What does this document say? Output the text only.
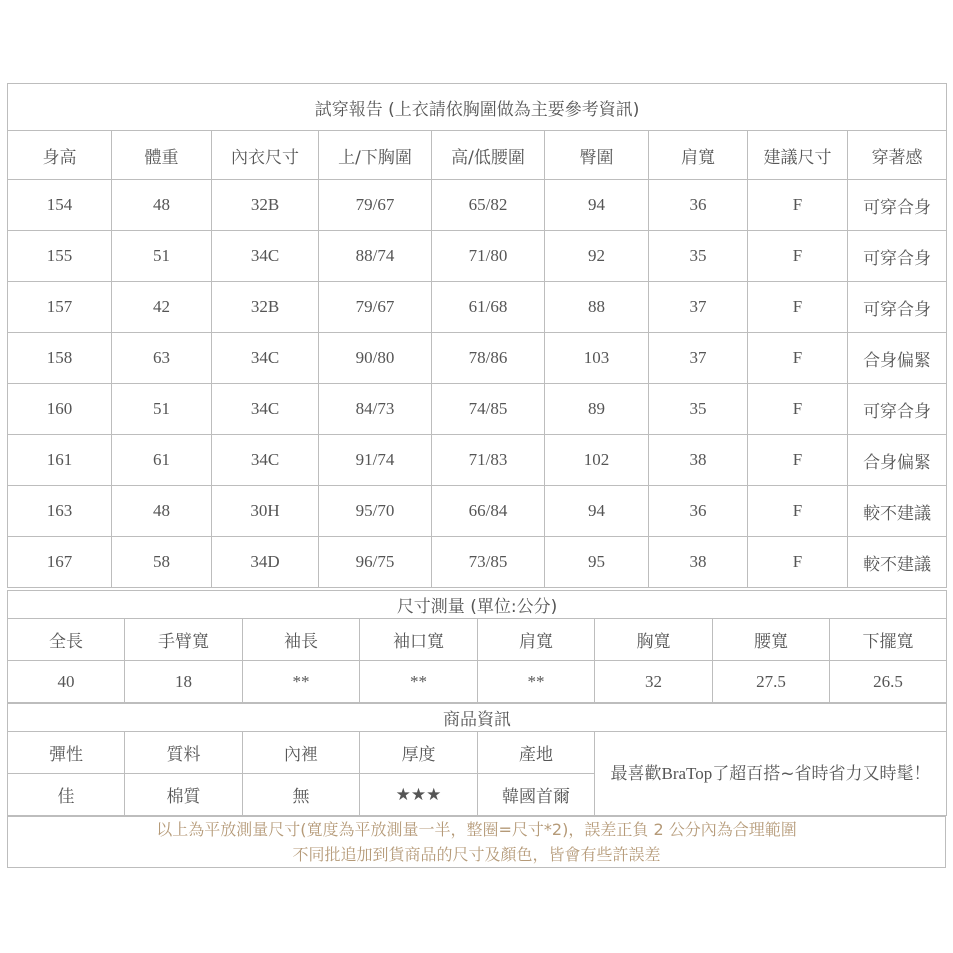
試穿報告 (上衣請依胸圍做為主要參考資訊)								
身高	體重	內衣尺寸	上/下胸圍	高/低腰圍	臀圍	肩寬	建議尺寸	穿著感
154	48	32B	79/67	65/82	94	36	F	可穿合身
155	51	34C	88/74	71/80	92	35	F	可穿合身
157	42	32B	79/67	61/68	88	37	F	可穿合身
158	63	34C	90/80	78/86	103	37	F	合身偏緊
160	51	34C	84/73	74/85	89	35	F	可穿合身
161	61	34C	91/74	71/83	102	38	F	合身偏緊
163	48	30H	95/70	66/84	94	36	F	較不建議
167	58	34D	96/75	73/85	95	38	F	較不建議
尺寸測量 (單位:公分)							
全長	手臂寬	袖長	袖口寬	肩寬	胸寬	腰寬	下擺寬
40	18	**	**	**	32	27.5	26.5
商品資訊					
彈性	質料	內裡	厚度	產地	最喜歡BraTop了超百搭~省時省力又時髦！
佳	棉質	無	★★★	韓國首爾	
以上為平放測量尺寸(寬度為平放測量一半，整圈=尺寸*2)，誤差正負 2 公分內為合理範圍
不同批追加到貨商品的尺寸及顏色，皆會有些許誤差
